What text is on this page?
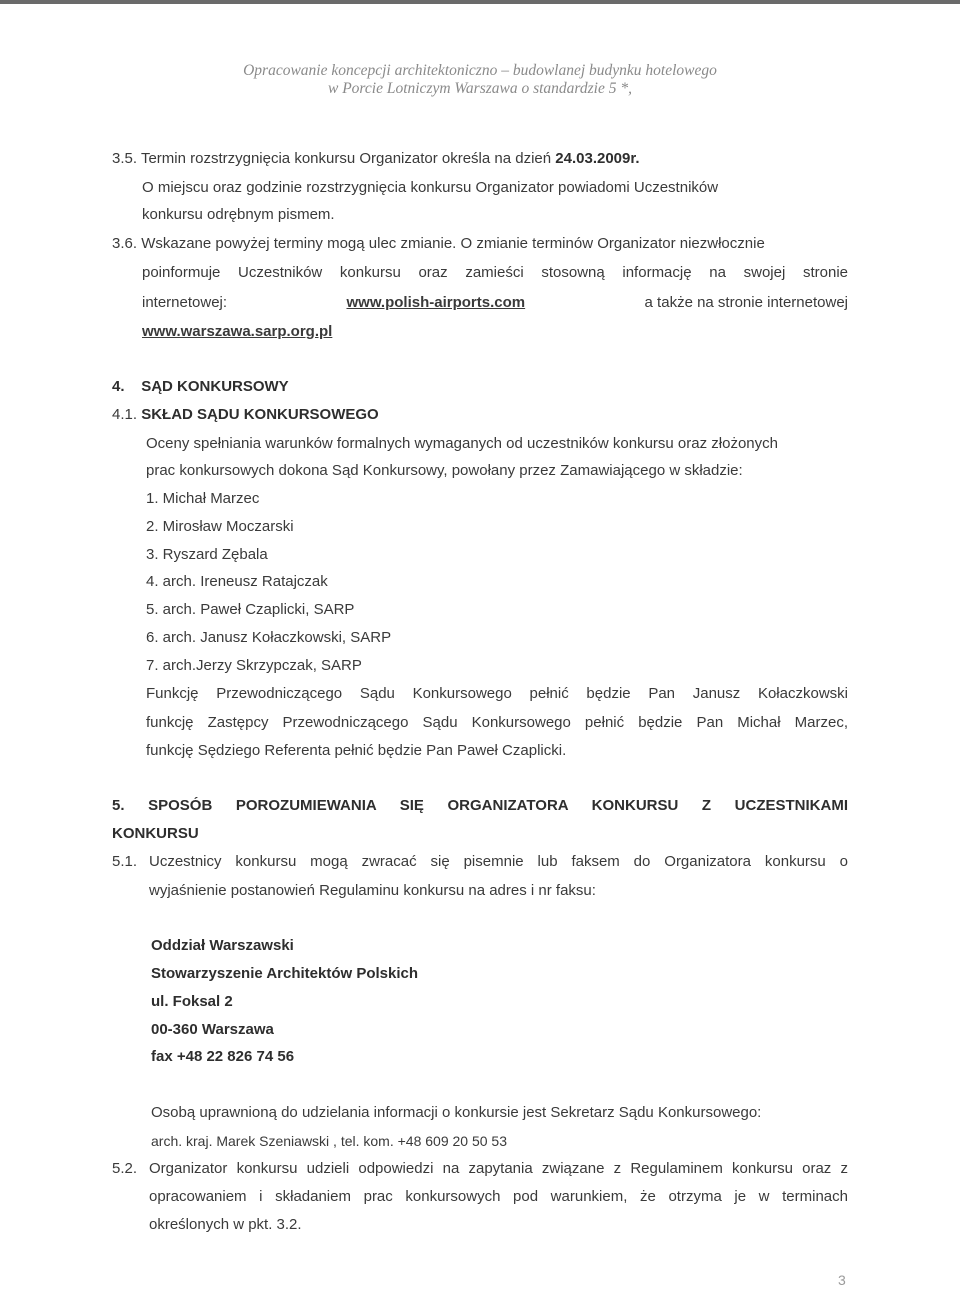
Opracowanie koncepcji architektoniczno – budowlanej budynku hotelowego
w Porcie Lotniczym Warszawa o standardzie 5 *,
3.5. Termin rozstrzygnięcia konkursu Organizator określa na dzień 24.03.2009r.
O miejscu oraz godzinie rozstrzygnięcia konkursu Organizator powiadomi Uczestników
konkursu odrębnym pismem.
3.6. Wskazane powyżej terminy mogą ulec zmianie. O zmianie terminów Organizator niezwłocznie
poinformuje Uczestników konkursu oraz zamieści stosowną informację na swojej stronie
internetowej:	www.polish-airports.com	a także na stronie internetowej
www.warszawa.sarp.org.pl
4. SĄD KONKURSOWY
4.1. SKŁAD SĄDU KONKURSOWEGO
Oceny spełniania warunków formalnych wymaganych od uczestników konkursu oraz złożonych
prac konkursowych dokona Sąd Konkursowy, powołany przez Zamawiającego w składzie:
1. Michał Marzec
2. Mirosław Moczarski
3. Ryszard Zębala
4. arch. Ireneusz Ratajczak
5. arch. Paweł Czaplicki, SARP
6. arch. Janusz Kołaczkowski, SARP
7. arch.Jerzy Skrzypczak, SARP
Funkcję Przewodniczącego Sądu Konkursowego pełnić będzie Pan Janusz Kołaczkowski
funkcję Zastępcy Przewodniczącego Sądu Konkursowego pełnić będzie Pan Michał Marzec,
funkcję Sędziego Referenta pełnić będzie Pan Paweł Czaplicki.
5. SPOSÓB POROZUMIEWANIA SIĘ ORGANIZATORA KONKURSU Z UCZESTNIKAMI
KONKURSU
5.1. Uczestnicy konkursu mogą zwracać się pisemnie lub faksem do Organizatora konkursu o
wyjaśnienie postanowień Regulaminu konkursu na adres i nr faksu:
Oddział Warszawski
Stowarzyszenie Architektów Polskich
ul. Foksal 2
00-360 Warszawa
fax +48 22 826 74 56
Osobą uprawnioną do udzielania informacji o konkursie jest Sekretarz Sądu Konkursowego:
arch. kraj. Marek Szeniawski , tel. kom. +48 609 20 50 53
5.2. Organizator konkursu udzieli odpowiedzi na zapytania związane z Regulaminem konkursu oraz z
opracowaniem i składaniem prac konkursowych pod warunkiem, że otrzyma je w terminach
określonych w pkt. 3.2.
3
